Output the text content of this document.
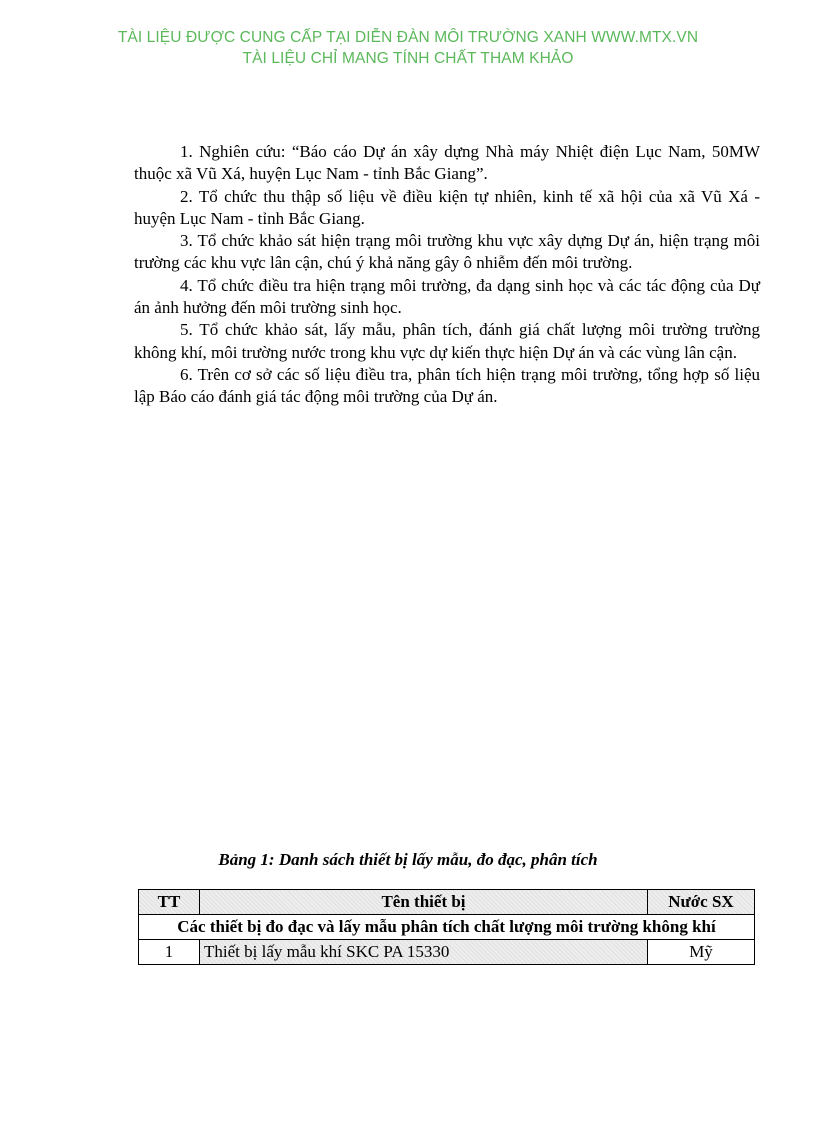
TÀI LIỆU ĐƯỢC CUNG CẤP TẠI DIỄN ĐÀN MÔI TRƯỜNG XANH WWW.MTX.VN
TÀI LIỆU CHỈ MANG TÍNH CHẤT THAM KHẢO

1. Nghiên cứu: “Báo cáo Dự án xây dựng Nhà máy Nhiệt điện Lục Nam, 50MW thuộc xã Vũ Xá, huyện Lục Nam - tỉnh Bắc Giang”.

2. Tổ chức thu thập số liệu về điều kiện tự nhiên, kinh tế xã hội của xã Vũ Xá - huyện Lục Nam - tỉnh Bắc Giang.

3. Tổ chức khảo sát hiện trạng môi trường khu vực xây dựng Dự án, hiện trạng môi trường các khu vực lân cận, chú ý khả năng gây ô nhiễm đến môi trường.

4. Tổ chức điều tra hiện trạng môi trường, đa dạng sinh học và các tác động của Dự án ảnh hưởng đến môi trường sinh học.

5. Tổ chức khảo sát, lấy mẫu, phân tích, đánh giá chất lượng môi trường trường không khí, môi trường nước trong khu vực dự kiến thực hiện Dự án và các vùng lân cận.

6. Trên cơ sở các số liệu điều tra, phân tích hiện trạng môi trường, tổng hợp số liệu lập Báo cáo đánh giá tác động môi trường của Dự án.

Bảng 1: Danh sách thiết bị lấy mẫu, đo đạc, phân tích
TT	Tên thiết bị	Nước SX
Các thiết bị đo đạc và lấy mẫu phân tích chất lượng môi trường không khí		
1	Thiết bị lấy mẫu khí SKC PA 15330	Mỹ
